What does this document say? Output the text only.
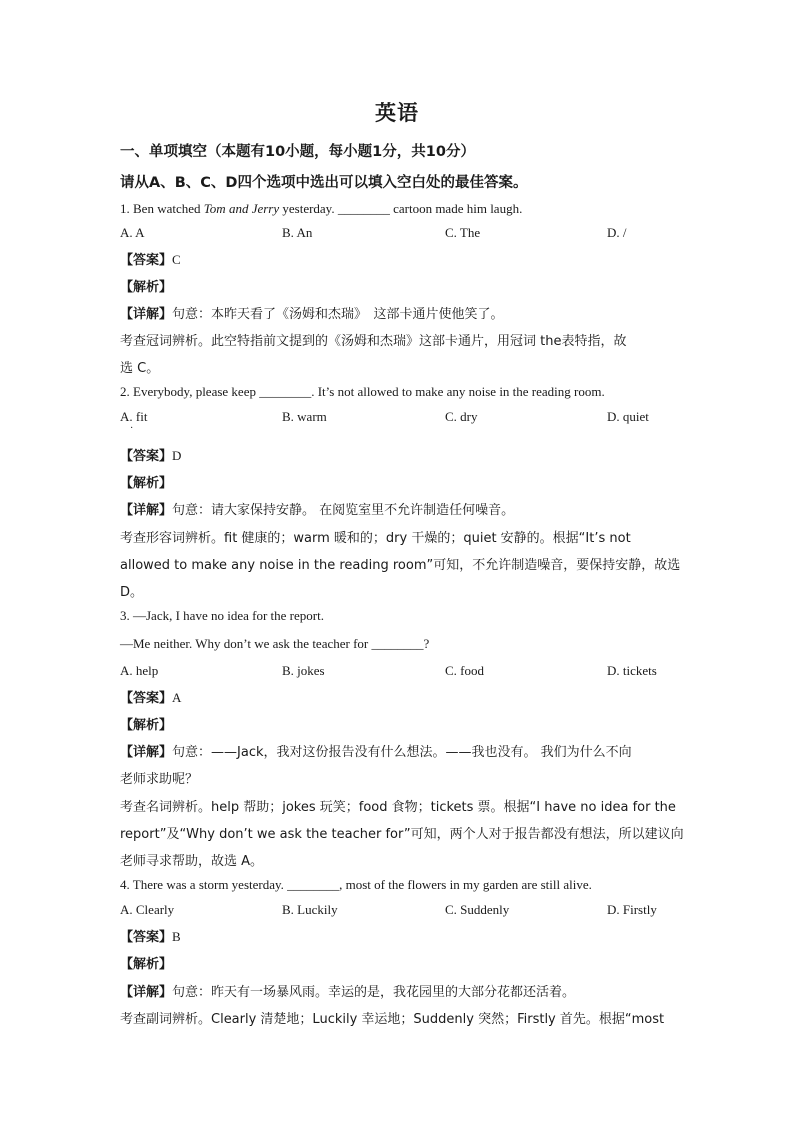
英语
一、单项填空（本题有10小题，每小题1分，共10分）
请从A、B、C、D四个选项中选出可以填入空白处的最佳答案。
1. Ben watched Tom and Jerry yesterday. ________ cartoon made him laugh.
A. A	B. An	C. The	D. /
【答案】C
【解析】
【详解】句意：本昨天看了《汤姆和杰瑞》　这部卡通片使他笑了。
考查冠词辨析。此空特指前文提到的《汤姆和杰瑞》这部卡通片，用冠词 the表特指，故
选 C。
2. Everybody, please keep ________. It’s not allowed to make any noise in the reading room.
A. fit	B. warm	C. dry	D. quiet
·
【答案】D
【解析】
【详解】句意：请大家保持安静。 在阅览室里不允许制造任何噪音。
考查形容词辨析。fit 健康的；warm 暖和的；dry 干燥的；quiet 安静的。根据“It’s not
allowed to make any noise in the reading room”可知，不允许制造噪音，要保持安静，故选
D。
3. —Jack, I have no idea for the report.
—Me neither. Why don’t we ask the teacher for ________?
A. help	B. jokes	C. food	D. tickets
【答案】A
【解析】
【详解】句意：——Jack，我对这份报告没有什么想法。——我也没有。 我们为什么不向
老师求助呢？
考查名词辨析。help 帮助；jokes 玩笑；food 食物；tickets 票。根据“I have no idea for the
report”及“Why don’t we ask the teacher for”可知，两个人对于报告都没有想法，所以建议向
老师寻求帮助，故选 A。
4. There was a storm yesterday. ________, most of the flowers in my garden are still alive.
A. Clearly	B. Luckily	C. Suddenly	D. Firstly
【答案】B
【解析】
【详解】句意：昨天有一场暴风雨。幸运的是，我花园里的大部分花都还活着。
考查副词辨析。Clearly 清楚地；Luckily 幸运地；Suddenly 突然；Firstly 首先。根据“most
